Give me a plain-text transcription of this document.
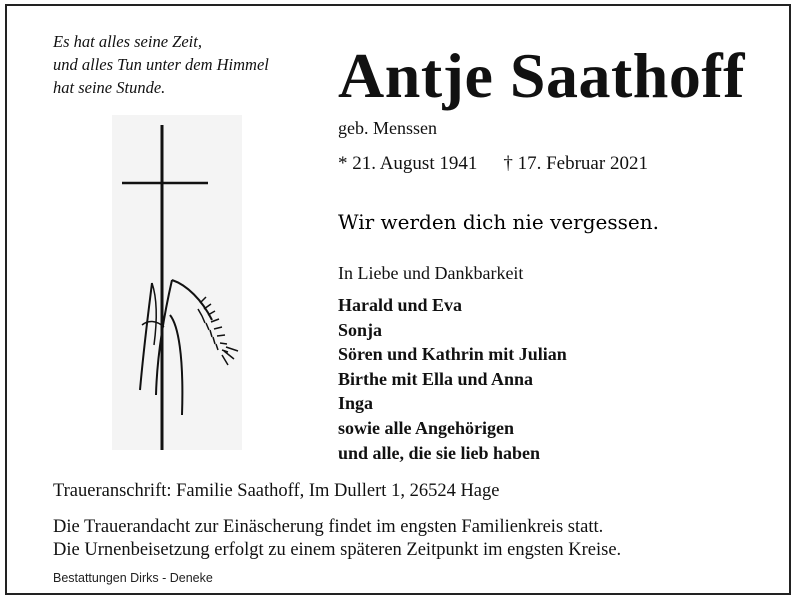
Es hat alles seine Zeit,
und alles Tun unter dem Himmel
hat seine Stunde.	Antje Saathoff
geb. Menssen
* 21. August 1941 † 17. Februar 2021
Wir werden dich nie vergessen.
In Liebe und Dankbarkeit
Harald und Eva
Sonja
Sören und Kathrin mit Julian
Birthe mit Ella und Anna
Inga
sowie alle Angehörigen
und alle, die sie lieb haben
Traueranschrift: Familie Saathoff, Im Dullert 1, 26524 Hage
Die Trauerandacht zur Einäscherung findet im engsten Familienkreis statt.
Die Urnenbeisetzung erfolgt zu einem späteren Zeitpunkt im engsten Kreise.
Bestattungen Dirks - Deneke
